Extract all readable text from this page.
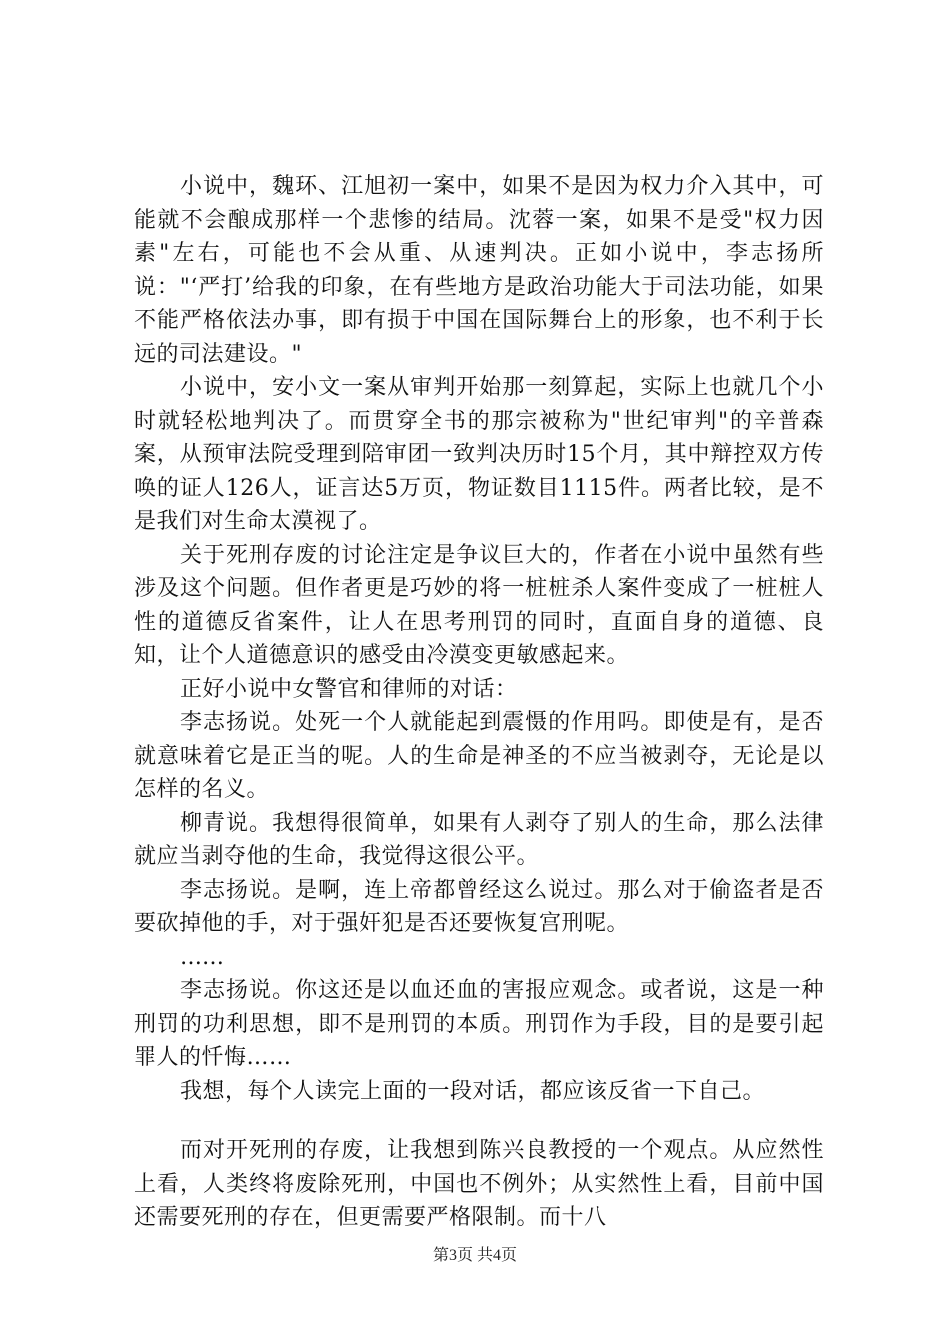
小说中，魏环、江旭初一案中，如果不是因为权力介入其中，可能就不会酿成那样一个悲惨的结局。沈蓉一案，如果不是受"权力因素"左右，可能也不会从重、从速判决。正如小说中，李志扬所说："‘严打’给我的印象，在有些地方是政治功能大于司法功能，如果不能严格依法办事，即有损于中国在国际舞台上的形象，也不利于长远的司法建设。"

小说中，安小文一案从审判开始那一刻算起，实际上也就几个小时就轻松地判决了。而贯穿全书的那宗被称为"世纪审判"的辛普森案，从预审法院受理到陪审团一致判决历时15个月，其中辩控双方传唤的证人126人，证言达5万页，物证数目1115件。两者比较，是不是我们对生命太漠视了。

关于死刑存废的讨论注定是争议巨大的，作者在小说中虽然有些涉及这个问题。但作者更是巧妙的将一桩桩杀人案件变成了一桩桩人性的道德反省案件，让人在思考刑罚的同时，直面自身的道德、良知，让个人道德意识的感受由冷漠变更敏感起来。

正好小说中女警官和律师的对话：

李志扬说。处死一个人就能起到震慑的作用吗。即使是有，是否就意味着它是正当的呢。人的生命是神圣的不应当被剥夺，无论是以怎样的名义。

柳青说。我想得很简单，如果有人剥夺了别人的生命，那么法律就应当剥夺他的生命，我觉得这很公平。

李志扬说。是啊，连上帝都曾经这么说过。那么对于偷盗者是否要砍掉他的手，对于强奸犯是否还要恢复宫刑呢。

……

李志扬说。你这还是以血还血的害报应观念。或者说，这是一种刑罚的功利思想，即不是刑罚的本质。刑罚作为手段，目的是要引起罪人的忏悔……

我想，每个人读完上面的一段对话，都应该反省一下自己。

而对开死刑的存废，让我想到陈兴良教授的一个观点。从应然性上看，人类终将废除死刑，中国也不例外；从实然性上看，目前中国还需要死刑的存在，但更需要严格限制。而十八

第3页 共4页
